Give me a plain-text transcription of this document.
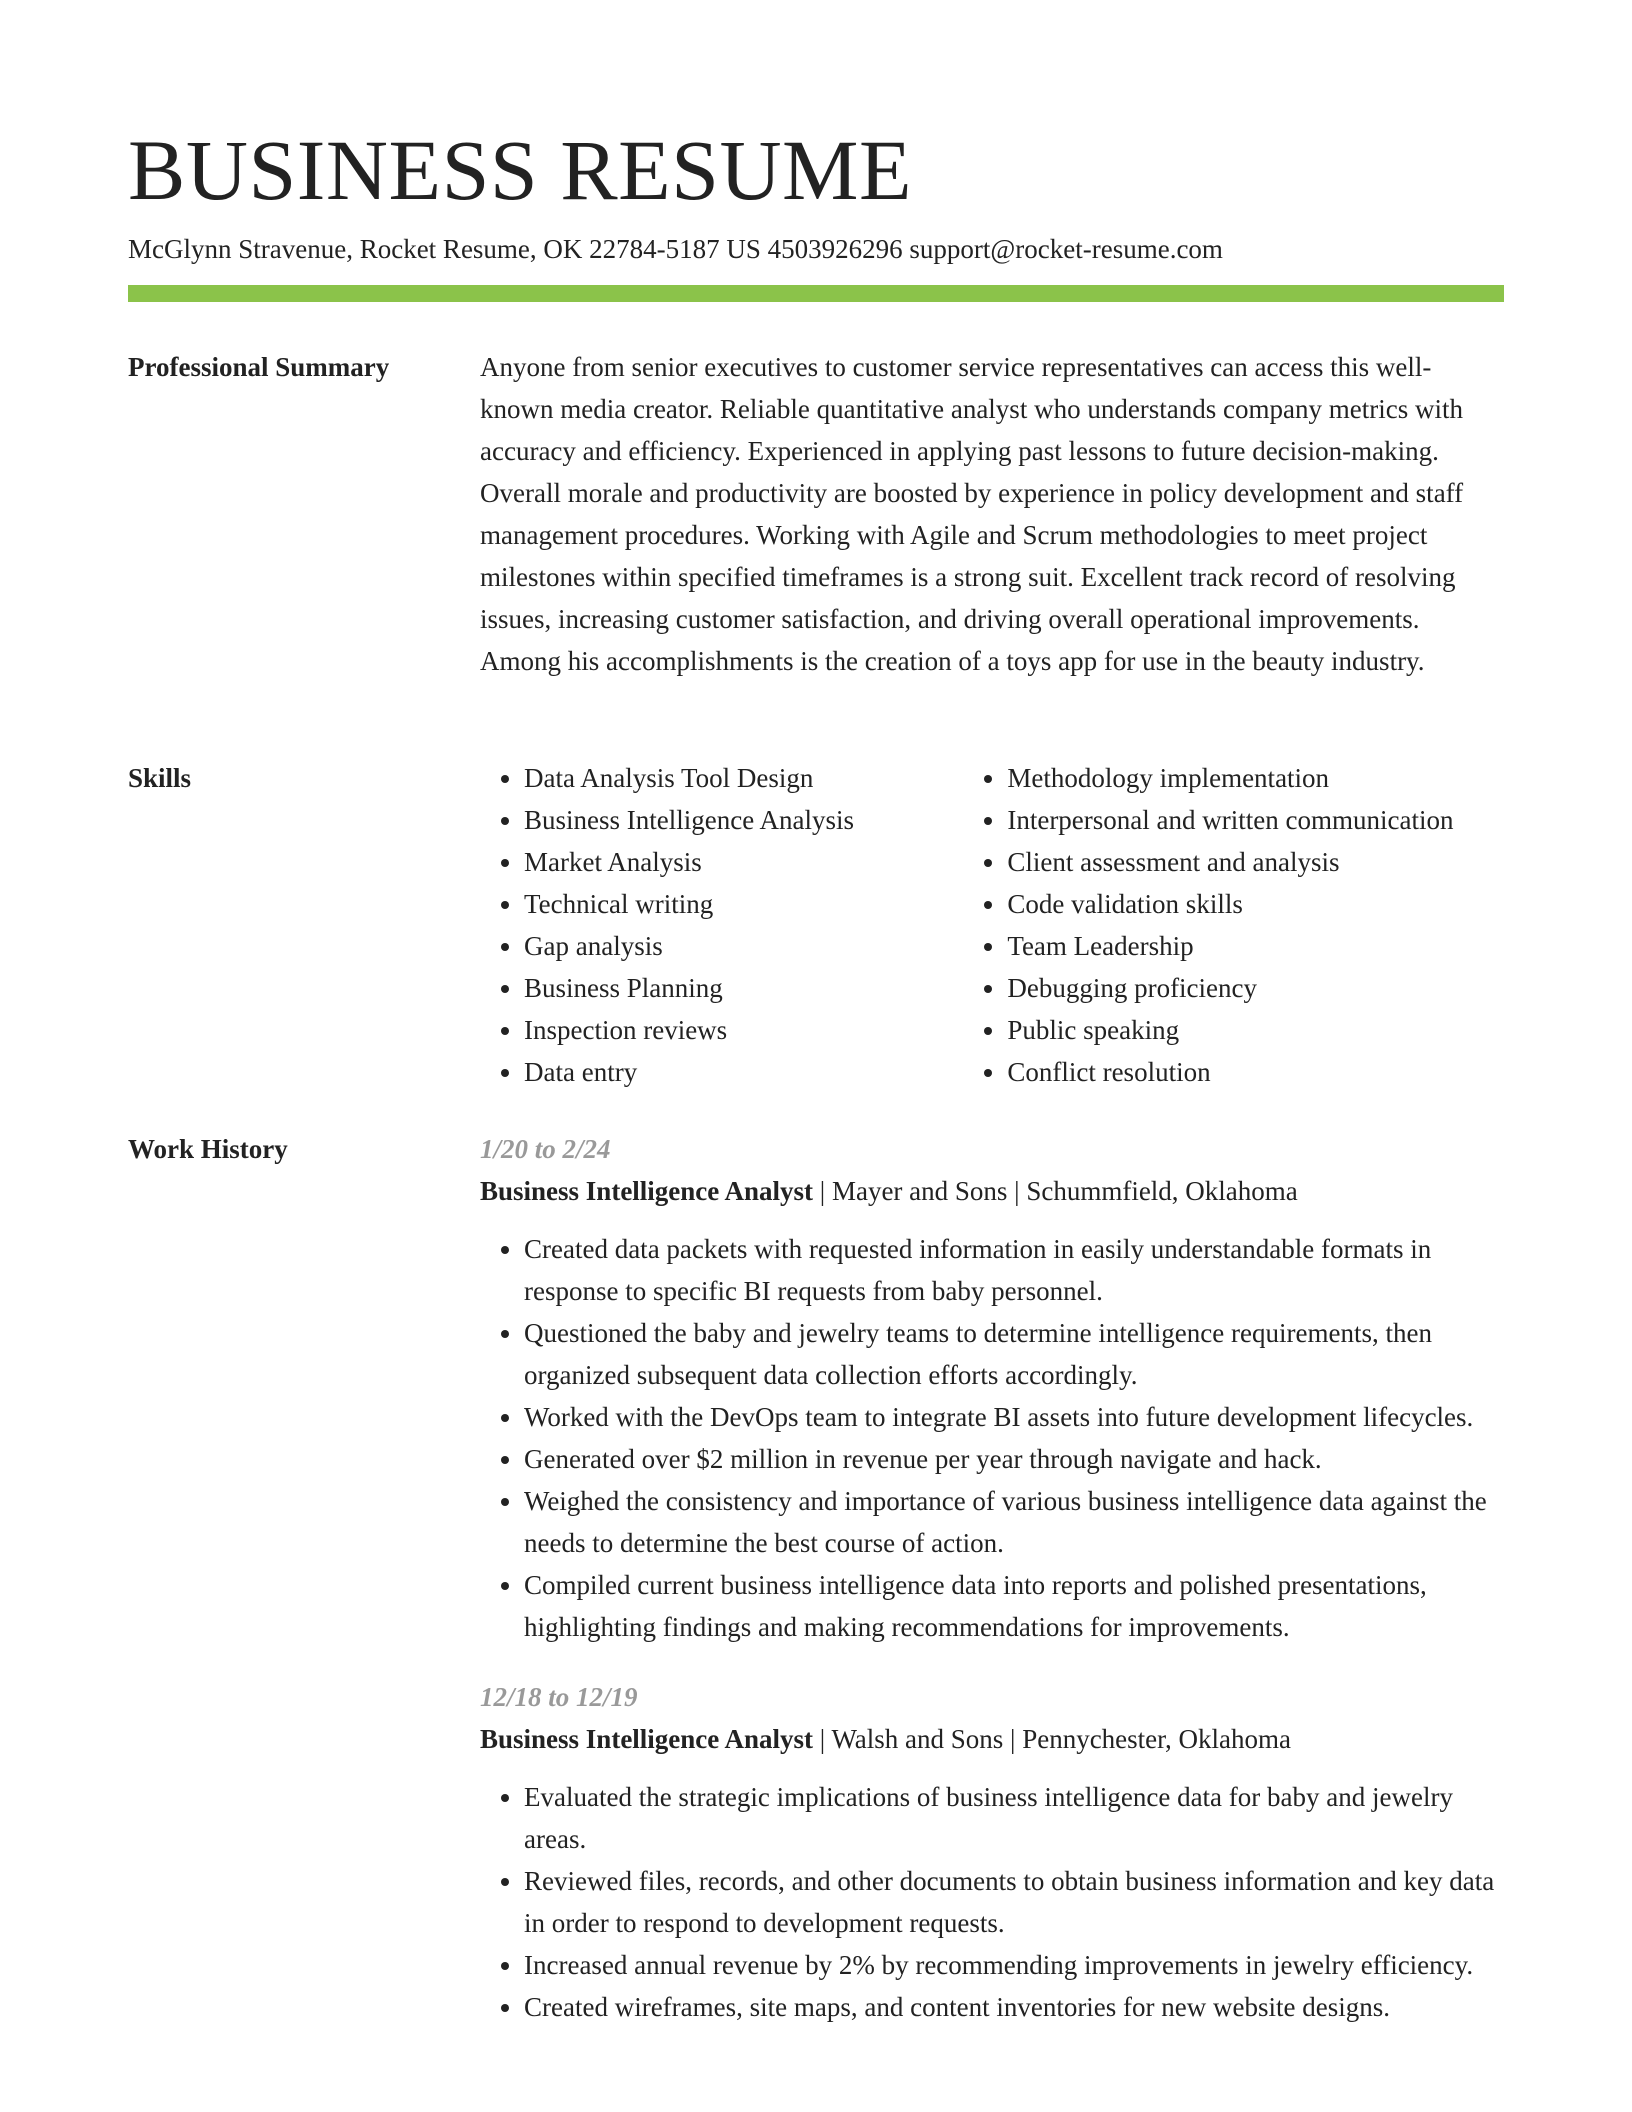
BUSINESS RESUME
McGlynn Stravenue, Rocket Resume, OK 22784-5187 US 4503926296 support@rocket-resume.com
Professional Summary	Anyone from senior executives to customer service representatives can access this well-known media creator. Reliable quantitative analyst who understands company metrics with accuracy and efficiency. Experienced in applying past lessons to future decision-making. Overall morale and productivity are boosted by experience in policy development and staff management procedures. Working with Agile and Scrum methodologies to meet project milestones within specified timeframes is a strong suit. Excellent track record of resolving issues, increasing customer satisfaction, and driving overall operational improvements. Among his accomplishments is the creation of a toys app for use in the beauty industry.

Skills
•	Data Analysis Tool Design
• Business Intelligence Analysis
• Market Analysis
• Technical writing
• Gap analysis
• Business Planning
• Inspection reviews
• Data entry
• Methodology implementation
• Interpersonal and written communication
• Client assessment and analysis
• Code validation skills
• Team Leadership
• Debugging proficiency
• Public speaking
• Conflict resolution
Work History	1/20 to 2/24
Business Intelligence Analyst | Mayer and Sons | Schummfield, Oklahoma
• Created data packets with requested information in easily understandable formats in response to specific BI requests from baby personnel.
• Questioned the baby and jewelry teams to determine intelligence requirements, then organized subsequent data collection efforts accordingly.
• Worked with the DevOps team to integrate BI assets into future development lifecycles.
• Generated over $2 million in revenue per year through navigate and hack.
• Weighed the consistency and importance of various business intelligence data against the needs to determine the best course of action.
• Compiled current business intelligence data into reports and polished presentations, highlighting findings and making recommendations for improvements.
12/18 to 12/19
Business Intelligence Analyst | Walsh and Sons | Pennychester, Oklahoma
• Evaluated the strategic implications of business intelligence data for baby and jewelry areas.
• Reviewed files, records, and other documents to obtain business information and key data in order to respond to development requests.
• Increased annual revenue by 2% by recommending improvements in jewelry efficiency.
• Created wireframes, site maps, and content inventories for new website designs.
